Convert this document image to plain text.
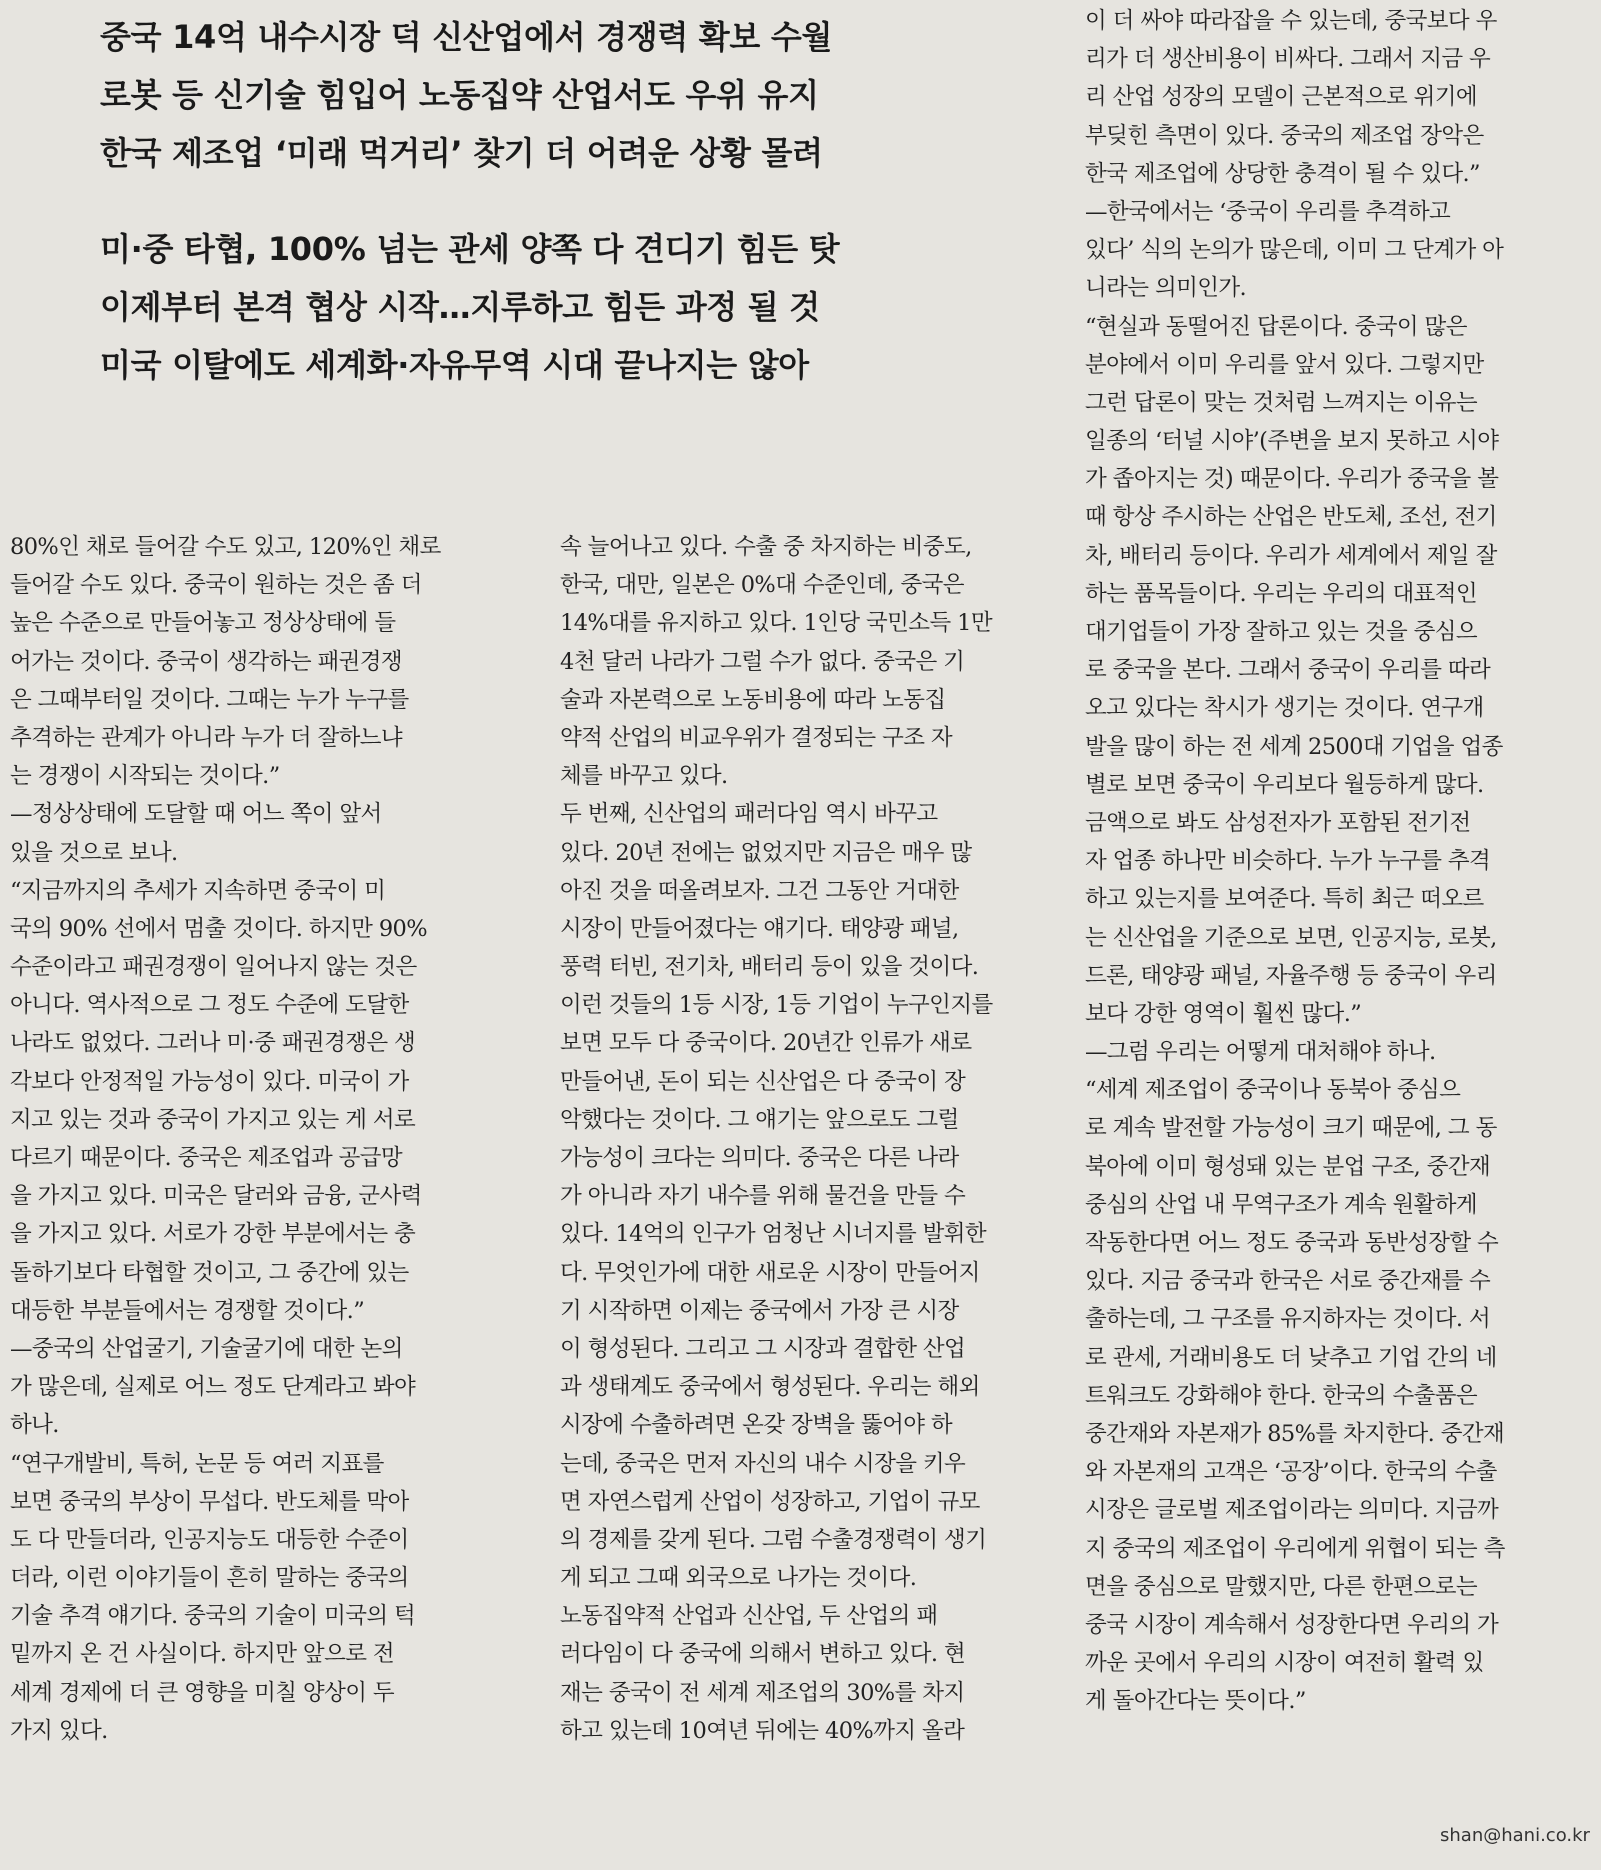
중국 14억 내수시장 덕 신산업에서 경쟁력 확보 수월
로봇 등 신기술 힘입어 노동집약 산업서도 우위 유지
한국 제조업 ‘미래 먹거리’ 찾기 더 어려운 상황 몰려
미·중 타협, 100% 넘는 관세 양쪽 다 견디기 힘든 탓
이제부터 본격 협상 시작…지루하고 힘든 과정 될 것
미국 이탈에도 세계화·자유무역 시대 끝나지는 않아
80%인 채로 들어갈 수도 있고, 120%인 채로
들어갈 수도 있다. 중국이 원하는 것은 좀 더
높은 수준으로 만들어놓고 정상상태에 들
어가는 것이다. 중국이 생각하는 패권경쟁
은 그때부터일 것이다. 그때는 누가 누구를
추격하는 관계가 아니라 누가 더 잘하느냐
는 경쟁이 시작되는 것이다.”
—정상상태에 도달할 때 어느 쪽이 앞서
있을 것으로 보나.
“지금까지의 추세가 지속하면 중국이 미
국의 90% 선에서 멈출 것이다. 하지만 90%
수준이라고 패권경쟁이 일어나지 않는 것은
아니다. 역사적으로 그 정도 수준에 도달한
나라도 없었다. 그러나 미·중 패권경쟁은 생
각보다 안정적일 가능성이 있다. 미국이 가
지고 있는 것과 중국이 가지고 있는 게 서로
다르기 때문이다. 중국은 제조업과 공급망
을 가지고 있다. 미국은 달러와 금융, 군사력
을 가지고 있다. 서로가 강한 부분에서는 충
돌하기보다 타협할 것이고, 그 중간에 있는
대등한 부분들에서는 경쟁할 것이다.”
—중국의 산업굴기, 기술굴기에 대한 논의
가 많은데, 실제로 어느 정도 단계라고 봐야
하나.
“연구개발비, 특허, 논문 등 여러 지표를
보면 중국의 부상이 무섭다. 반도체를 막아
도 다 만들더라, 인공지능도 대등한 수준이
더라, 이런 이야기들이 흔히 말하는 중국의
기술 추격 얘기다. 중국의 기술이 미국의 턱
밑까지 온 건 사실이다. 하지만 앞으로 전
세계 경제에 더 큰 영향을 미칠 양상이 두
가지 있다.
속 늘어나고 있다. 수출 중 차지하는 비중도,
한국, 대만, 일본은 0%대 수준인데, 중국은
14%대를 유지하고 있다. 1인당 국민소득 1만
4천 달러 나라가 그럴 수가 없다. 중국은 기
술과 자본력으로 노동비용에 따라 노동집
약적 산업의 비교우위가 결정되는 구조 자
체를 바꾸고 있다.
두 번째, 신산업의 패러다임 역시 바꾸고
있다. 20년 전에는 없었지만 지금은 매우 많
아진 것을 떠올려보자. 그건 그동안 거대한
시장이 만들어졌다는 얘기다. 태양광 패널,
풍력 터빈, 전기차, 배터리 등이 있을 것이다.
이런 것들의 1등 시장, 1등 기업이 누구인지를
보면 모두 다 중국이다. 20년간 인류가 새로
만들어낸, 돈이 되는 신산업은 다 중국이 장
악했다는 것이다. 그 얘기는 앞으로도 그럴
가능성이 크다는 의미다. 중국은 다른 나라
가 아니라 자기 내수를 위해 물건을 만들 수
있다. 14억의 인구가 엄청난 시너지를 발휘한
다. 무엇인가에 대한 새로운 시장이 만들어지
기 시작하면 이제는 중국에서 가장 큰 시장
이 형성된다. 그리고 그 시장과 결합한 산업
과 생태계도 중국에서 형성된다. 우리는 해외
시장에 수출하려면 온갖 장벽을 뚫어야 하
는데, 중국은 먼저 자신의 내수 시장을 키우
면 자연스럽게 산업이 성장하고, 기업이 규모
의 경제를 갖게 된다. 그럼 수출경쟁력이 생기
게 되고 그때 외국으로 나가는 것이다.
노동집약적 산업과 신산업, 두 산업의 패
러다임이 다 중국에 의해서 변하고 있다. 현
재는 중국이 전 세계 제조업의 30%를 차지
하고 있는데 10여년 뒤에는 40%까지 올라
이 더 싸야 따라잡을 수 있는데, 중국보다 우
리가 더 생산비용이 비싸다. 그래서 지금 우
리 산업 성장의 모델이 근본적으로 위기에
부딪힌 측면이 있다. 중국의 제조업 장악은
한국 제조업에 상당한 충격이 될 수 있다.”
—한국에서는 ‘중국이 우리를 추격하고
있다’ 식의 논의가 많은데, 이미 그 단계가 아
니라는 의미인가.
“현실과 동떨어진 답론이다. 중국이 많은
분야에서 이미 우리를 앞서 있다. 그렇지만
그런 답론이 맞는 것처럼 느껴지는 이유는
일종의 ‘터널 시야’(주변을 보지 못하고 시야
가 좁아지는 것) 때문이다. 우리가 중국을 볼
때 항상 주시하는 산업은 반도체, 조선, 전기
차, 배터리 등이다. 우리가 세계에서 제일 잘
하는 품목들이다. 우리는 우리의 대표적인
대기업들이 가장 잘하고 있는 것을 중심으
로 중국을 본다. 그래서 중국이 우리를 따라
오고 있다는 착시가 생기는 것이다. 연구개
발을 많이 하는 전 세계 2500대 기업을 업종
별로 보면 중국이 우리보다 월등하게 많다.
금액으로 봐도 삼성전자가 포함된 전기전
자 업종 하나만 비슷하다. 누가 누구를 추격
하고 있는지를 보여준다. 특히 최근 떠오르
는 신산업을 기준으로 보면, 인공지능, 로봇,
드론, 태양광 패널, 자율주행 등 중국이 우리
보다 강한 영역이 훨씬 많다.”
—그럼 우리는 어떻게 대처해야 하나.
“세계 제조업이 중국이나 동북아 중심으
로 계속 발전할 가능성이 크기 때문에, 그 동
북아에 이미 형성돼 있는 분업 구조, 중간재
중심의 산업 내 무역구조가 계속 원활하게
작동한다면 어느 정도 중국과 동반성장할 수
있다. 지금 중국과 한국은 서로 중간재를 수
출하는데, 그 구조를 유지하자는 것이다. 서
로 관세, 거래비용도 더 낮추고 기업 간의 네
트워크도 강화해야 한다. 한국의 수출품은
중간재와 자본재가 85%를 차지한다. 중간재
와 자본재의 고객은 ‘공장’이다. 한국의 수출
시장은 글로벌 제조업이라는 의미다. 지금까
지 중국의 제조업이 우리에게 위협이 되는 측
면을 중심으로 말했지만, 다른 한편으로는
중국 시장이 계속해서 성장한다면 우리의 가
까운 곳에서 우리의 시장이 여전히 활력 있
게 돌아간다는 뜻이다.”
shan@hani.co.kr
